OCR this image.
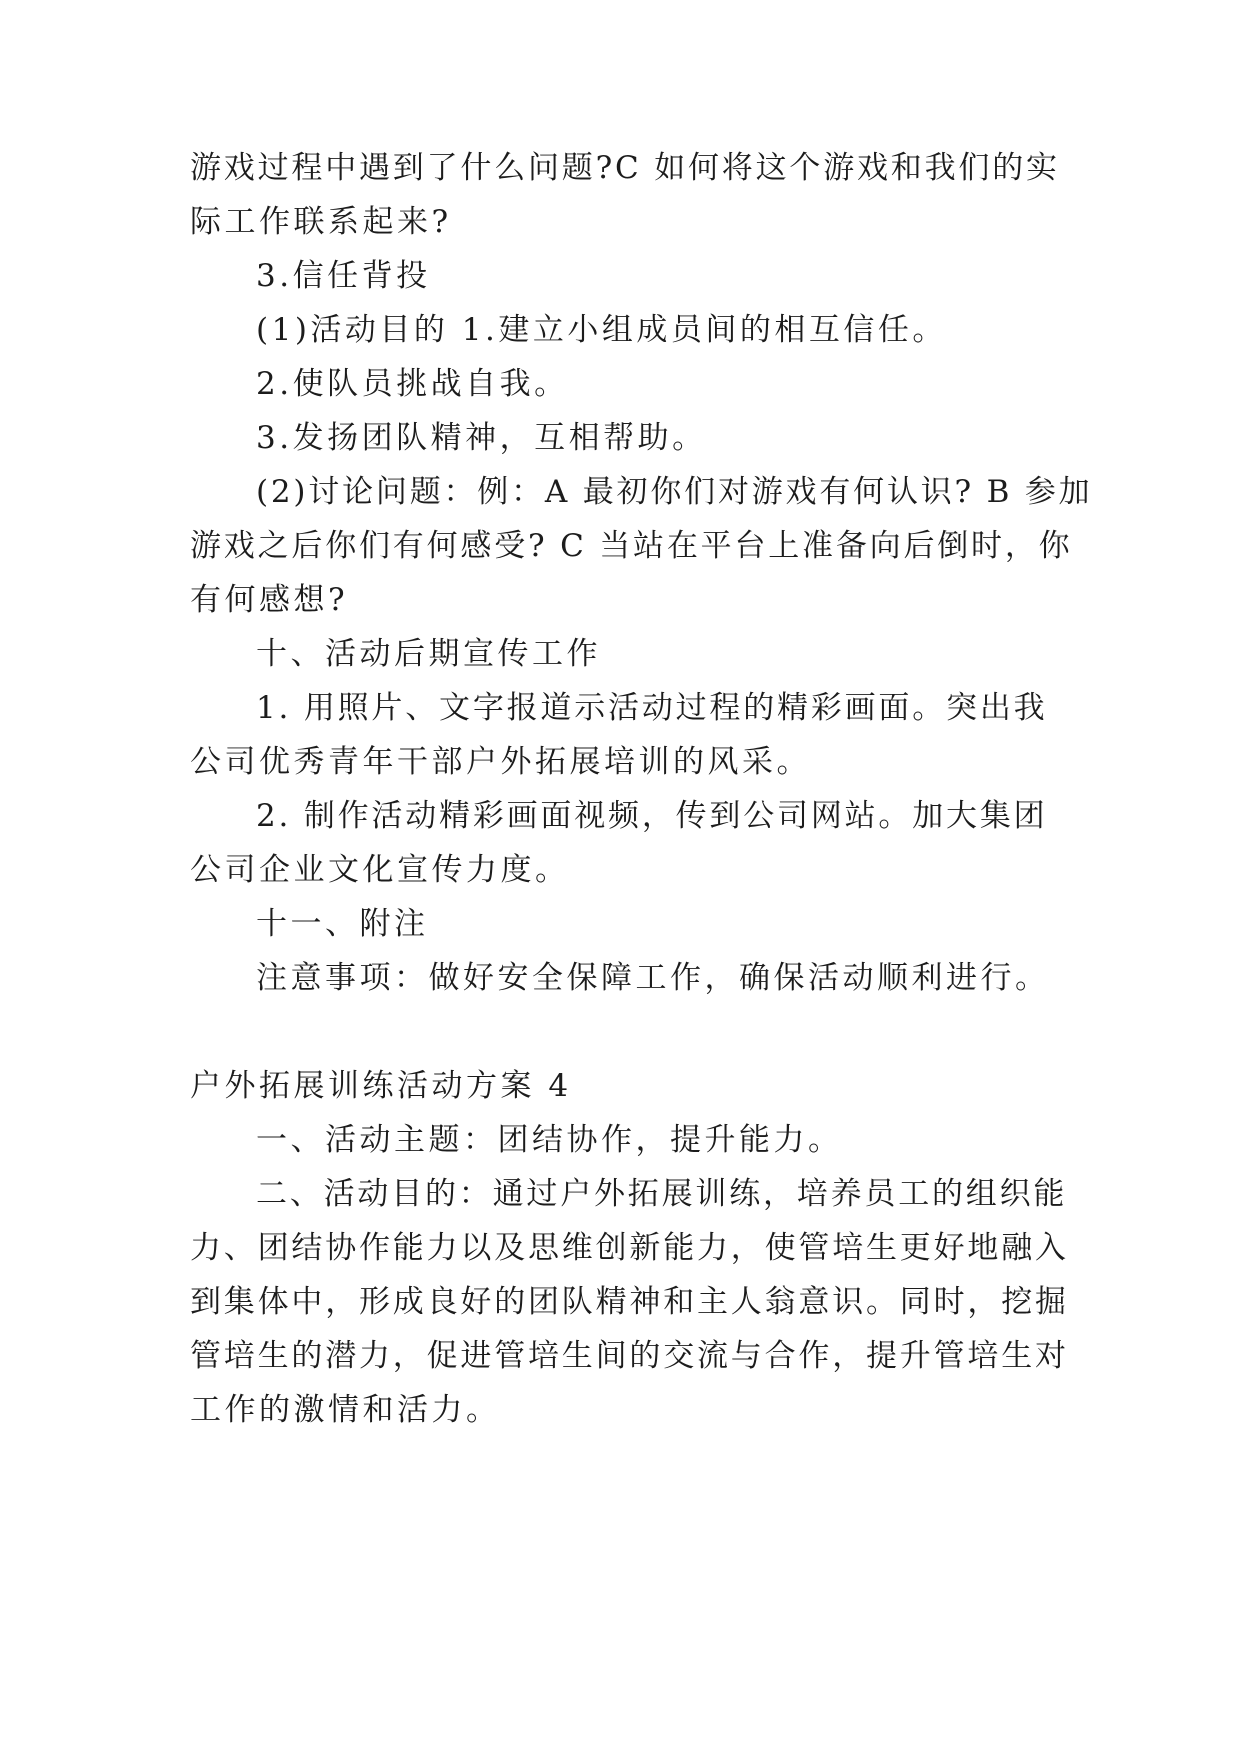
游戏过程中遇到了什么问题?C 如何将这个游戏和我们的实
际工作联系起来?
3.信任背投
(1)活动目的 1.建立小组成员间的相互信任。
2.使队员挑战自我。
3.发扬团队精神，互相帮助。
(2)讨论问题：例：A 最初你们对游戏有何认识? B 参加
游戏之后你们有何感受? C 当站在平台上准备向后倒时，你
有何感想?
十、活动后期宣传工作
1. 用照片、文字报道示活动过程的精彩画面。突出我
公司优秀青年干部户外拓展培训的风采。
2. 制作活动精彩画面视频，传到公司网站。加大集团
公司企业文化宣传力度。
十一、附注
注意事项：做好安全保障工作，确保活动顺利进行。
户外拓展训练活动方案 4
一、活动主题：团结协作，提升能力。
二、活动目的：通过户外拓展训练，培养员工的组织能
力、团结协作能力以及思维创新能力，使管培生更好地融入
到集体中，形成良好的团队精神和主人翁意识。同时，挖掘
管培生的潜力，促进管培生间的交流与合作，提升管培生对
工作的激情和活力。
